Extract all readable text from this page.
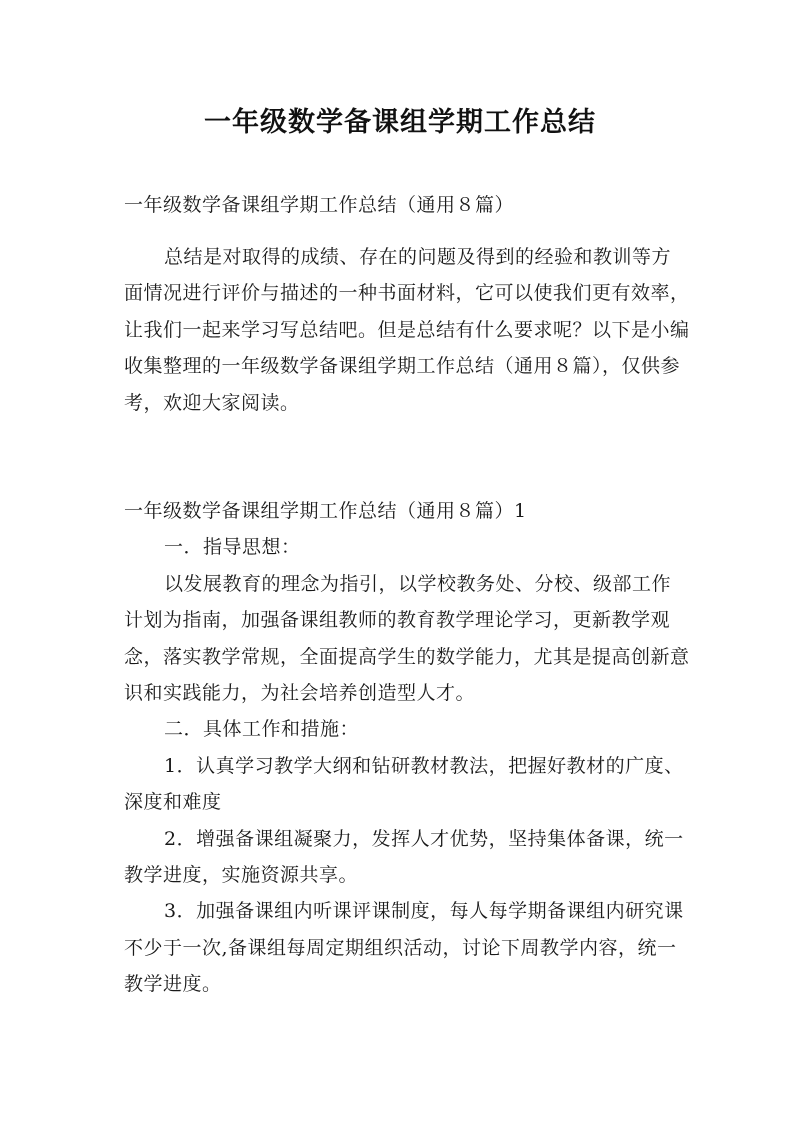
一年级数学备课组学期工作总结
一年级数学备课组学期工作总结（通用８篇）

总结是对取得的成绩、存在的问题及得到的经验和教训等方面情况进行评价与描述的一种书面材料，它可以使我们更有效率，让我们一起来学习写总结吧。但是总结有什么要求呢？以下是小编收集整理的一年级数学备课组学期工作总结（通用８篇），仅供参考，欢迎大家阅读。

一年级数学备课组学期工作总结（通用８篇）1

一．指导思想：

以发展教育的理念为指引，以学校教务处、分校、级部工作计划为指南，加强备课组教师的教育教学理论学习，更新教学观念，落实教学常规，全面提高学生的数学能力，尤其是提高创新意识和实践能力，为社会培养创造型人才。

二．具体工作和措施：

1．认真学习教学大纲和钻研教材教法，把握好教材的广度、深度和难度

2．增强备课组凝聚力，发挥人才优势，坚持集体备课，统一教学进度，实施资源共享。

3．加强备课组内听课评课制度，每人每学期备课组内研究课不少于一次,备课组每周定期组织活动，讨论下周教学内容，统一教学进度。
